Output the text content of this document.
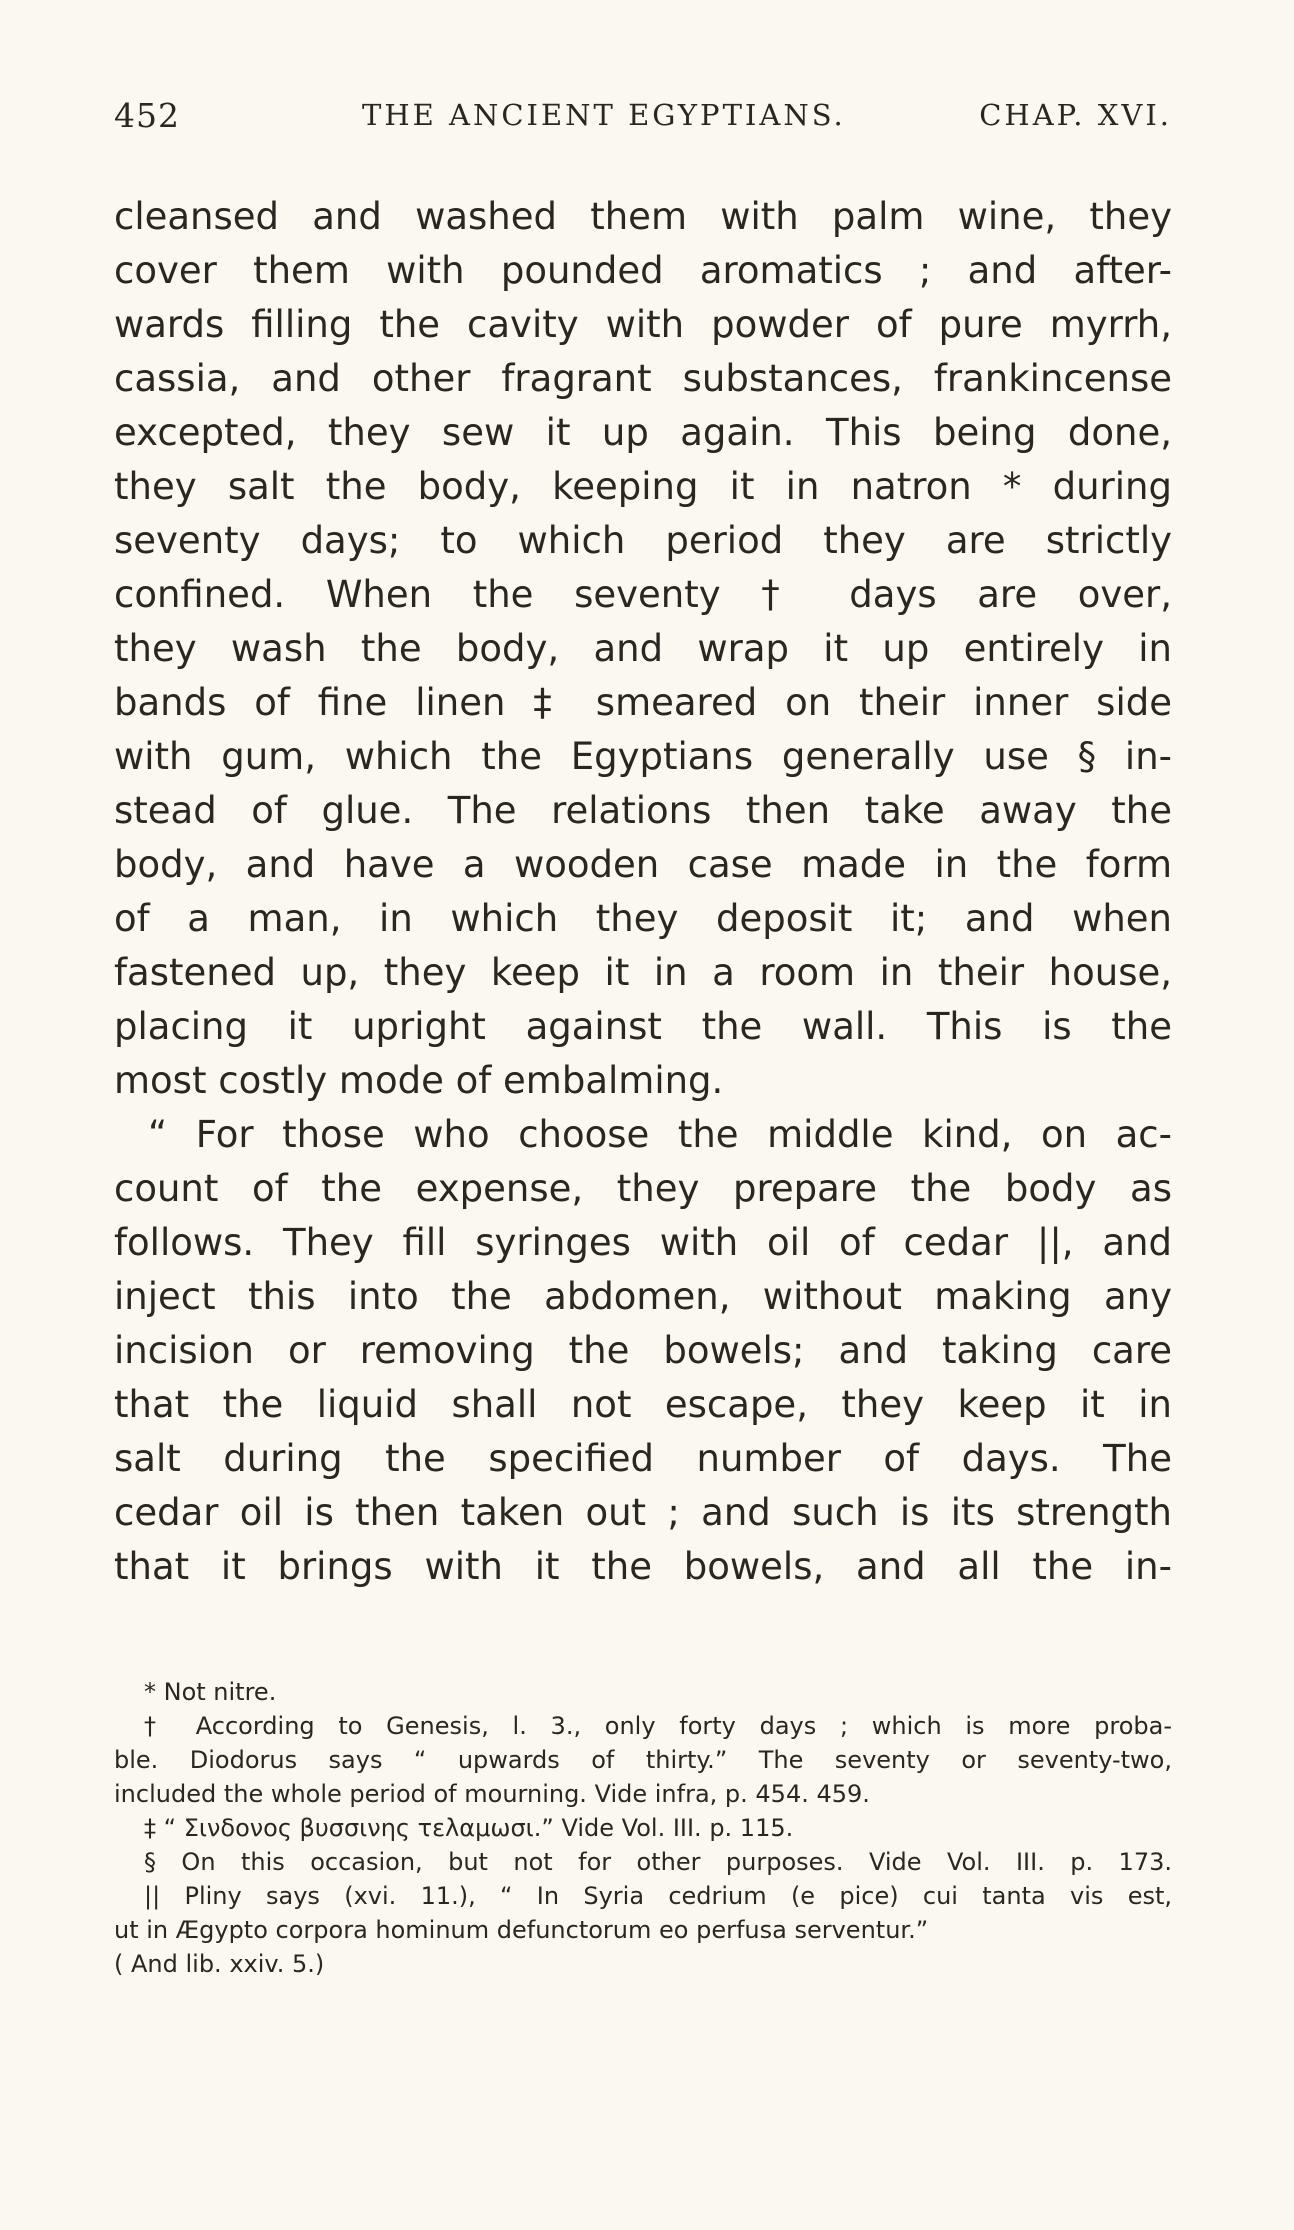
452	THE ANCIENT EGYPTIANS.	CHAP. XVI.
cleansed and washed them with palm wine, they
cover them with pounded aromatics ; and after-
wards filling the cavity with powder of pure myrrh,
cassia, and other fragrant substances, frankincense
excepted, they sew it up again. This being done,
they salt the body, keeping it in natron * during
seventy days; to which period they are strictly
confined. When the seventy † days are over,
they wash the body, and wrap it up entirely in
bands of fine linen ‡ smeared on their inner side
with gum, which the Egyptians generally use § in-
stead of glue. The relations then take away the
body, and have a wooden case made in the form
of a man, in which they deposit it; and when
fastened up, they keep it in a room in their house,
placing it upright against the wall. This is the
most costly mode of embalming.
“ For those who choose the middle kind, on ac-
count of the expense, they prepare the body as
follows. They fill syringes with oil of cedar ||, and
inject this into the abdomen, without making any
incision or removing the bowels; and taking care
that the liquid shall not escape, they keep it in
salt during the specified number of days. The
cedar oil is then taken out ; and such is its strength
that it brings with it the bowels, and all the in-
* Not nitre.
† According to Genesis, l. 3., only forty days ; which is more proba-
ble. Diodorus says “ upwards of thirty.” The seventy or seventy-two,
included the whole period of mourning. Vide infra, p. 454. 459.
‡ “ Σινδονος βυσσινης τελαμωσι.” Vide Vol. III. p. 115.
§ On this occasion, but not for other purposes. Vide Vol. III. p. 173.
|| Pliny says (xvi. 11.), “ In Syria cedrium (e pice) cui tanta vis est,
ut in Ægypto corpora hominum defunctorum eo perfusa serventur.”
( And lib. xxiv. 5.)
